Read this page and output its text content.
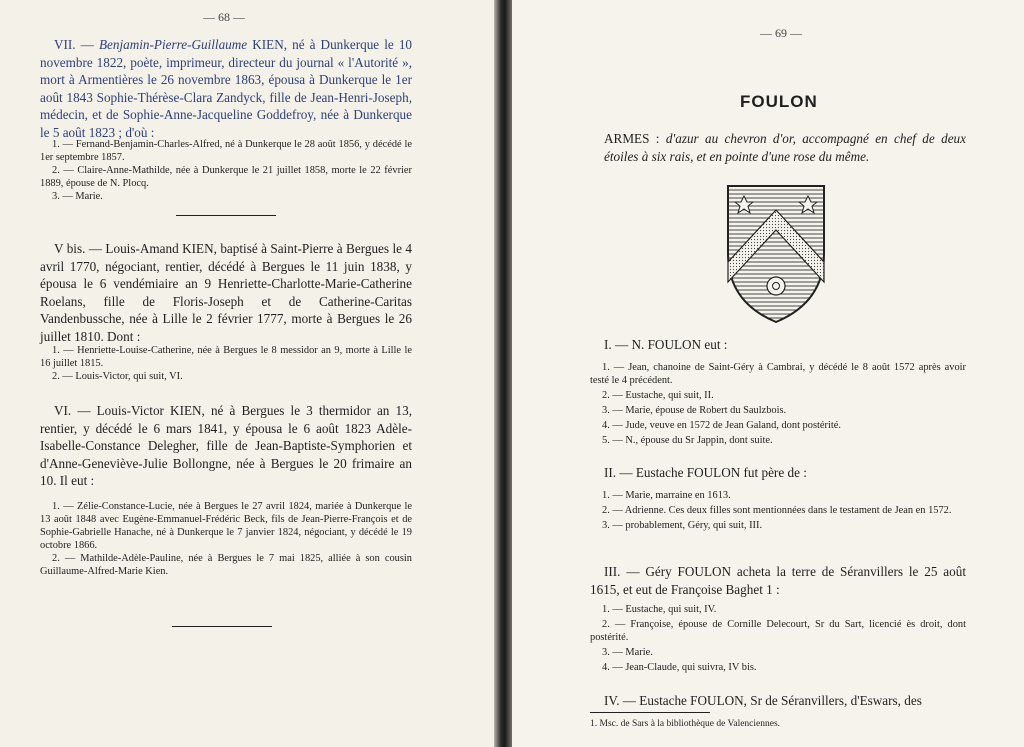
— 68 —

VII. — Benjamin-Pierre-Guillaume KIEN, né à Dunkerque le 10 novembre 1822, poète, imprimeur, directeur du journal « l'Autorité », mort à Armentières le 26 novembre 1863, épousa à Dunkerque le 1er août 1843 Sophie-Thérèse-Clara Zandyck, fille de Jean-Henri-Joseph, médecin, et de Sophie-Anne-Jacqueline Goddefroy, née à Dunkerque le 5 août 1823 ; d'où :

1. — Fernand-Benjamin-Charles-Alfred, né à Dunkerque le 28 août 1856, y décédé le 1er septembre 1857.
2. — Claire-Anne-Mathilde, née à Dunkerque le 21 juillet 1858, morte le 22 février 1889, épouse de N. Plocq.
3. — Marie.

V bis. — Louis-Amand KIEN, baptisé à Saint-Pierre à Bergues le 4 avril 1770, négociant, rentier, décédé à Bergues le 11 juin 1838, y épousa le 6 vendémiaire an 9 Henriette-Charlotte-Marie-Catherine Roelans, fille de Floris-Joseph et de Catherine-Caritas Vandenbussche, née à Lille le 2 février 1777, morte à Bergues le 26 juillet 1810. Dont :

1. — Henriette-Louise-Catherine, née à Bergues le 8 messidor an 9, morte à Lille le 16 juillet 1815.
2. — Louis-Victor, qui suit, VI.

VI. — Louis-Victor KIEN, né à Bergues le 3 thermidor an 13, rentier, y décédé le 6 mars 1841, y épousa le 6 août 1823 Adèle-Isabelle-Constance Delegher, fille de Jean-Baptiste-Symphorien et d'Anne-Geneviève-Julie Bollongne, née à Bergues le 20 frimaire an 10. Il eut :

1. — Zélie-Constance-Lucie, née à Bergues le 27 avril 1824, mariée à Dunkerque le 13 août 1848 avec Eugène-Emmanuel-Frédéric Beck, fils de Jean-Pierre-François et de Sophie-Gabrielle Hanache, né à Dunkerque le 7 janvier 1824, négociant, y décédé le 19 octobre 1866.
2. — Mathilde-Adèle-Pauline, née à Bergues le 7 mai 1825, alliée à son cousin Guillaume-Alfred-Marie Kien.
— 69 —
FOULON
ARMES : d'azur au chevron d'or, accompagné en chef de deux étoiles à six rais, et en pointe d'une rose du même.
I. — N. FOULON eut :
1. — Jean, chanoine de Saint-Géry à Cambrai, y décédé le 8 août 1572 après avoir testé le 4 précédent.
2. — Eustache, qui suit, II.
3. — Marie, épouse de Robert du Saulzbois.
4. — Jude, veuve en 1572 de Jean Galand, dont postérité.
5. — N., épouse du Sr Jappin, dont suite.
II. — Eustache FOULON fut père de :
1. — Marie, marraine en 1613.
2. — Adrienne. Ces deux filles sont mentionnées dans le testament de Jean en 1572.
3. — probablement, Géry, qui suit, III.
III. — Géry FOULON acheta la terre de Séranvillers le 25 août 1615, et eut de Françoise Baghet 1 :
1. — Eustache, qui suit, IV.
2. — Françoise, épouse de Cornille Delecourt, Sr du Sart, licencié ès droit, dont postérité.
3. — Marie.
4. — Jean-Claude, qui suivra, IV bis.
IV. — Eustache FOULON, Sr de Séranvillers, d'Eswars, des
1. Msc. de Sars à la bibliothèque de Valenciennes.
